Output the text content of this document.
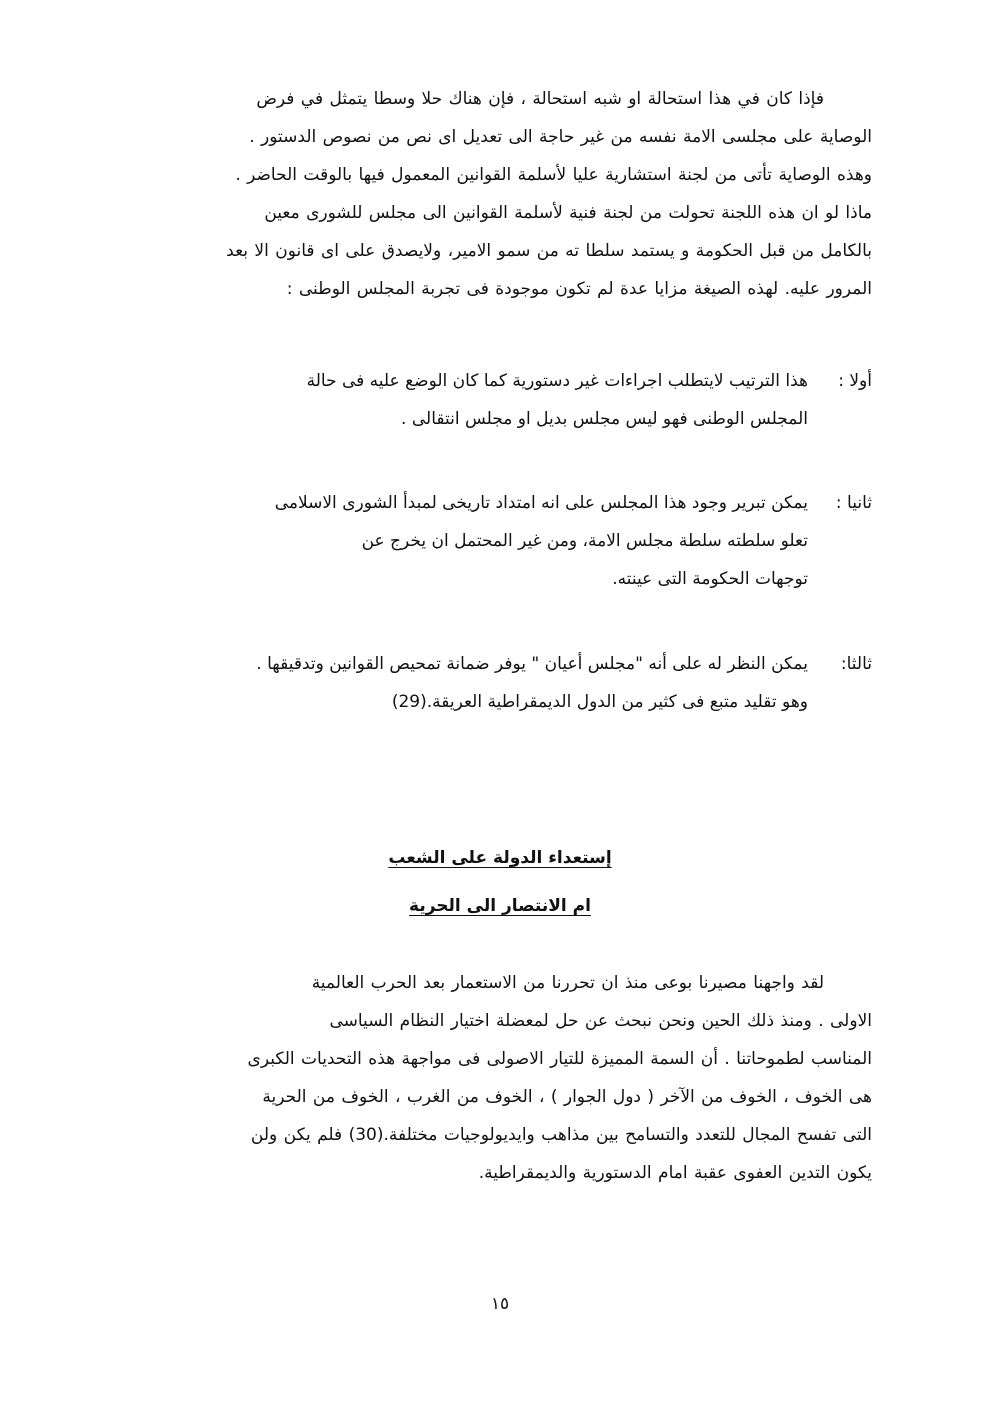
فإذا كان في هذا استحالة او شبه استحالة ، فإن هناك حلا وسطا يتمثل في فرض
الوصاية على مجلسى الامة نفسه من غير حاجة الى تعديل اى نص من نصوص الدستور .
وهذه الوصاية تأتى من لجنة استشارية عليا لأسلمة القوانين المعمول فيها بالوقت الحاضر .
ماذا لو ان هذه اللجنة تحولت من لجنة فنية لأسلمة القوانين الى مجلس للشورى معين
بالكامل من قبل الحكومة و يستمد سلطا ته من سمو الامير، ولايصدق على اى قانون الا بعد
المرور عليه. لهذه الصيغة مزايا عدة لم تكون موجودة فى تجربة المجلس الوطنى :
أولا :
هذا الترتيب لايتطلب اجراءات غير دستورية كما كان الوضع عليه فى حالة
المجلس الوطنى فهو ليس مجلس بديل او مجلس انتقالى .
ثانيا :
يمكن تبرير وجود هذا المجلس على انه امتداد تاريخى لمبدأ الشورى الاسلامى
تعلو سلطته سلطة مجلس الامة، ومن غير المحتمل ان يخرج عن
توجهات الحكومة التى عينته.
ثالثا:
يمكن النظر له على أنه "مجلس أعيان " يوفر ضمانة تمحيص القوانين وتدقيقها .
وهو تقليد متبع فى كثير من الدول الديمقراطية العريقة.(29)
إستعداء الدولة على الشعب
ام الانتصار الى الحرية
لقد واجهنا مصيرنا بوعى منذ ان تحررنا من الاستعمار بعد الحرب العالمية
الاولى . ومنذ ذلك الحين ونحن نبحث عن حل لمعضلة اختيار النظام السياسى
المناسب لطموحاتنا . أن السمة المميزة للتيار الاصولى فى مواجهة هذه التحديات الكبرى
هى الخوف ، الخوف من الآخر ( دول الجوار ) ، الخوف من الغرب ، الخوف من الحرية
التى تفسح المجال للتعدد والتسامح بين مذاهب وايديولوجيات مختلفة.(30) فلم يكن ولن
يكون التدين العفوى عقبة امام الدستورية والديمقراطية.
١٥
